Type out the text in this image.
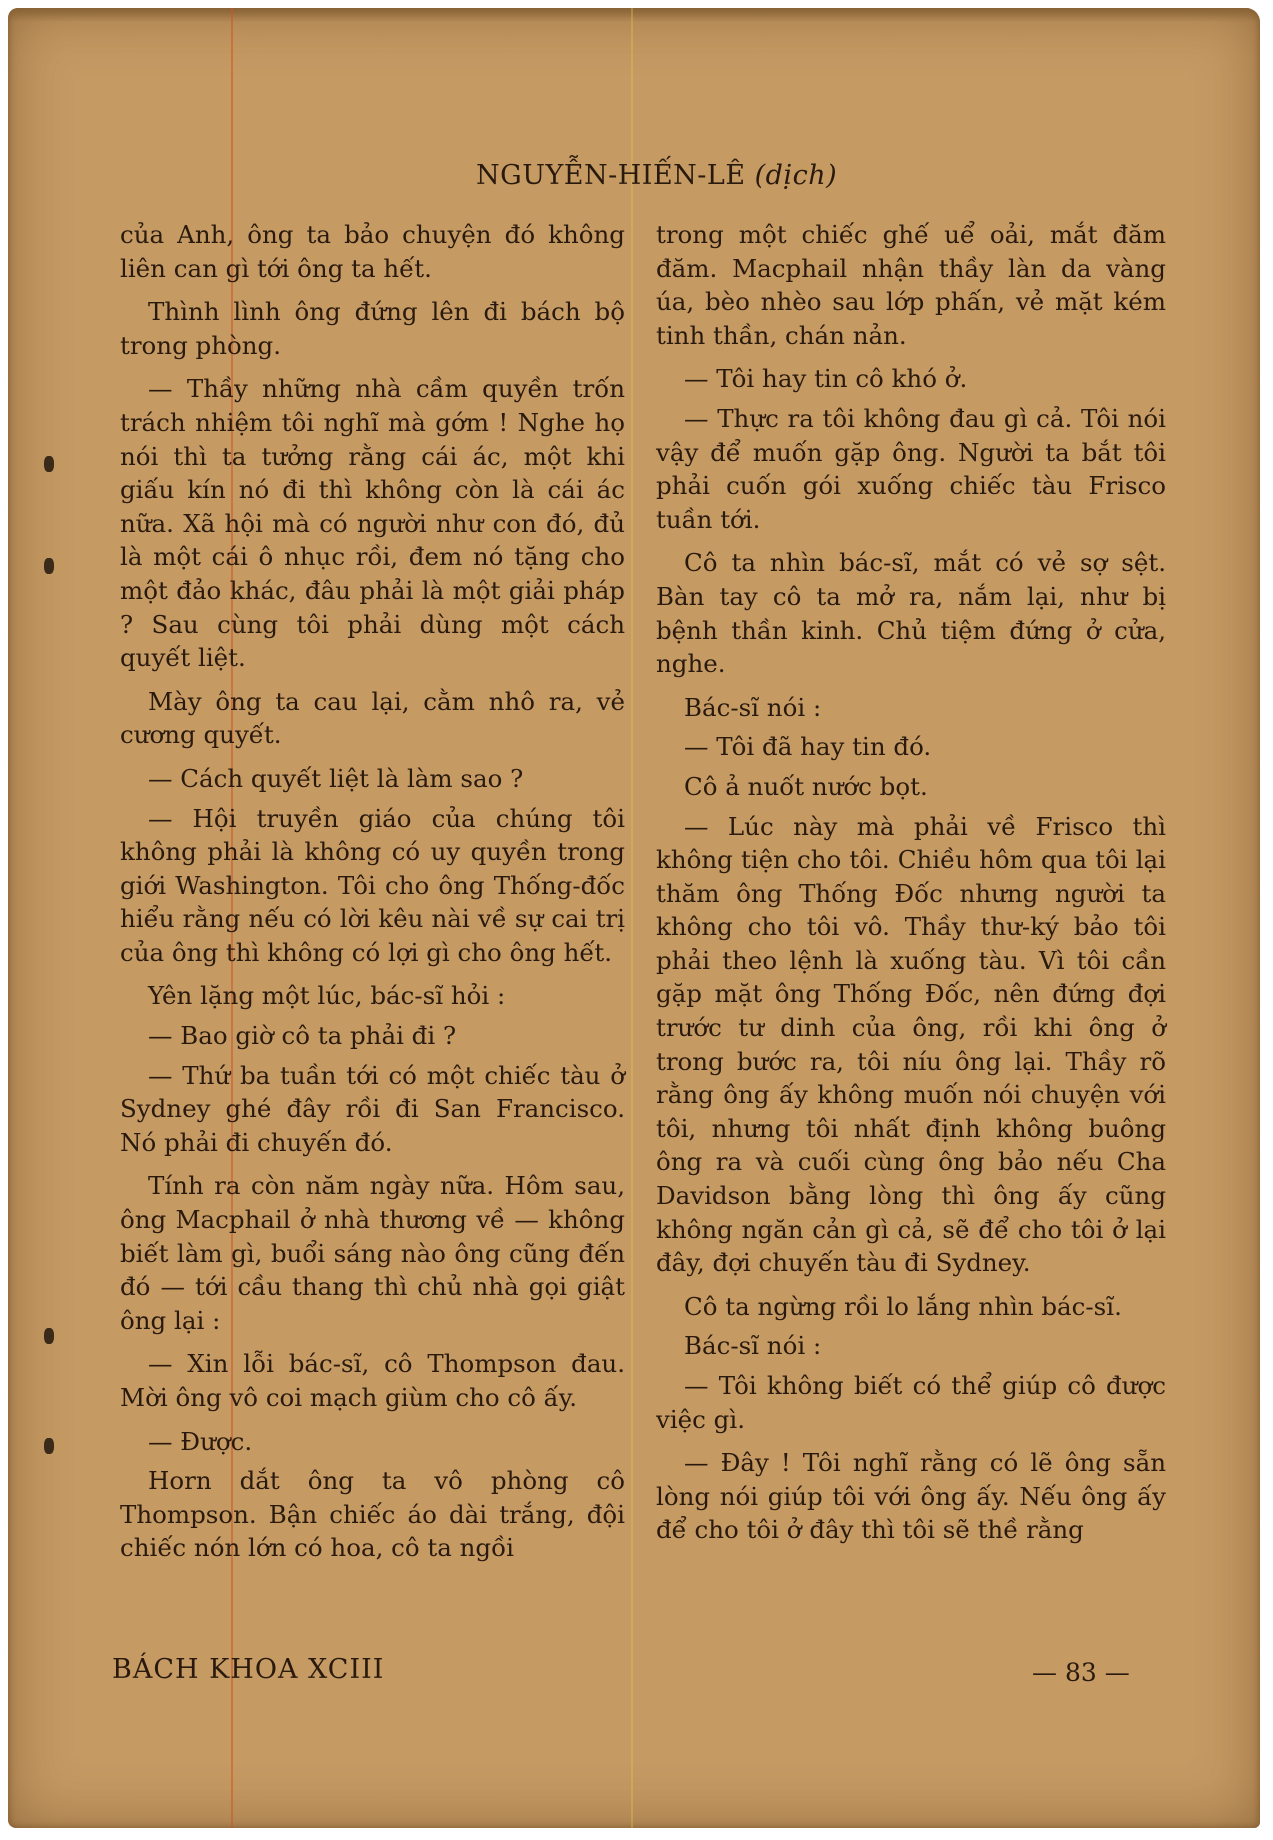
NGUYỄN-HIẾN-LÊ (dịch)

của Anh, ông ta bảo chuyện đó không liên can gì tới ông ta hết.

Thình lình ông đứng lên đi bách bộ trong phòng.

— Thầy những nhà cầm quyền trốn trách nhiệm tôi nghĩ mà gớm ! Nghe họ nói thì ta tưởng rằng cái ác, một khi giấu kín nó đi thì không còn là cái ác nữa. Xã hội mà có người như con đó, đủ là một cái ô nhục rồi, đem nó tặng cho một đảo khác, đâu phải là một giải pháp ? Sau cùng tôi phải dùng một cách quyết liệt.

Mày ông ta cau lại, cằm nhô ra, vẻ cương quyết.

— Cách quyết liệt là làm sao ?

— Hội truyền giáo của chúng tôi không phải là không có uy quyền trong giới Washington. Tôi cho ông Thống-đốc hiểu rằng nếu có lời kêu nài về sự cai trị của ông thì không có lợi gì cho ông hết.

Yên lặng một lúc, bác-sĩ hỏi :

— Bao giờ cô ta phải đi ?

— Thứ ba tuần tới có một chiếc tàu ở Sydney ghé đây rồi đi San Francisco. Nó phải đi chuyến đó.

Tính ra còn năm ngày nữa. Hôm sau, ông Macphail ở nhà thương về — không biết làm gì, buổi sáng nào ông cũng đến đó — tới cầu thang thì chủ nhà gọi giật ông lại :

— Xin lỗi bác-sĩ, cô Thompson đau. Mời ông vô coi mạch giùm cho cô ấy.

— Được.

Horn dắt ông ta vô phòng cô Thompson. Bận chiếc áo dài trắng, đội chiếc nón lớn có hoa, cô ta ngồi

trong một chiếc ghế uể oải, mắt đăm đăm. Macphail nhận thầy làn da vàng úa, bèo nhèo sau lớp phấn, vẻ mặt kém tinh thần, chán nản.

— Tôi hay tin cô khó ở.

— Thực ra tôi không đau gì cả. Tôi nói vậy để muốn gặp ông. Người ta bắt tôi phải cuốn gói xuống chiếc tàu Frisco tuần tới.

Cô ta nhìn bác-sĩ, mắt có vẻ sợ sệt. Bàn tay cô ta mở ra, nắm lại, như bị bệnh thần kinh. Chủ tiệm đứng ở cửa, nghe.

Bác-sĩ nói :

— Tôi đã hay tin đó.

Cô ả nuốt nước bọt.

— Lúc này mà phải về Frisco thì không tiện cho tôi. Chiều hôm qua tôi lại thăm ông Thống Đốc nhưng người ta không cho tôi vô. Thầy thư-ký bảo tôi phải theo lệnh là xuống tàu. Vì tôi cần gặp mặt ông Thống Đốc, nên đứng đợi trước tư dinh của ông, rồi khi ông ở trong bước ra, tôi níu ông lại. Thầy rõ rằng ông ấy không muốn nói chuyện với tôi, nhưng tôi nhất định không buông ông ra và cuối cùng ông bảo nếu Cha Davidson bằng lòng thì ông ấy cũng không ngăn cản gì cả, sẽ để cho tôi ở lại đây, đợi chuyến tàu đi Sydney.

Cô ta ngừng rồi lo lắng nhìn bác-sĩ.

Bác-sĩ nói :

— Tôi không biết có thể giúp cô được việc gì.

— Đây ! Tôi nghĩ rằng có lẽ ông sẵn lòng nói giúp tôi với ông ấy. Nếu ông ấy để cho tôi ở đây thì tôi sẽ thề rằng

BÁCH KHOA XCIII	— 83 —
